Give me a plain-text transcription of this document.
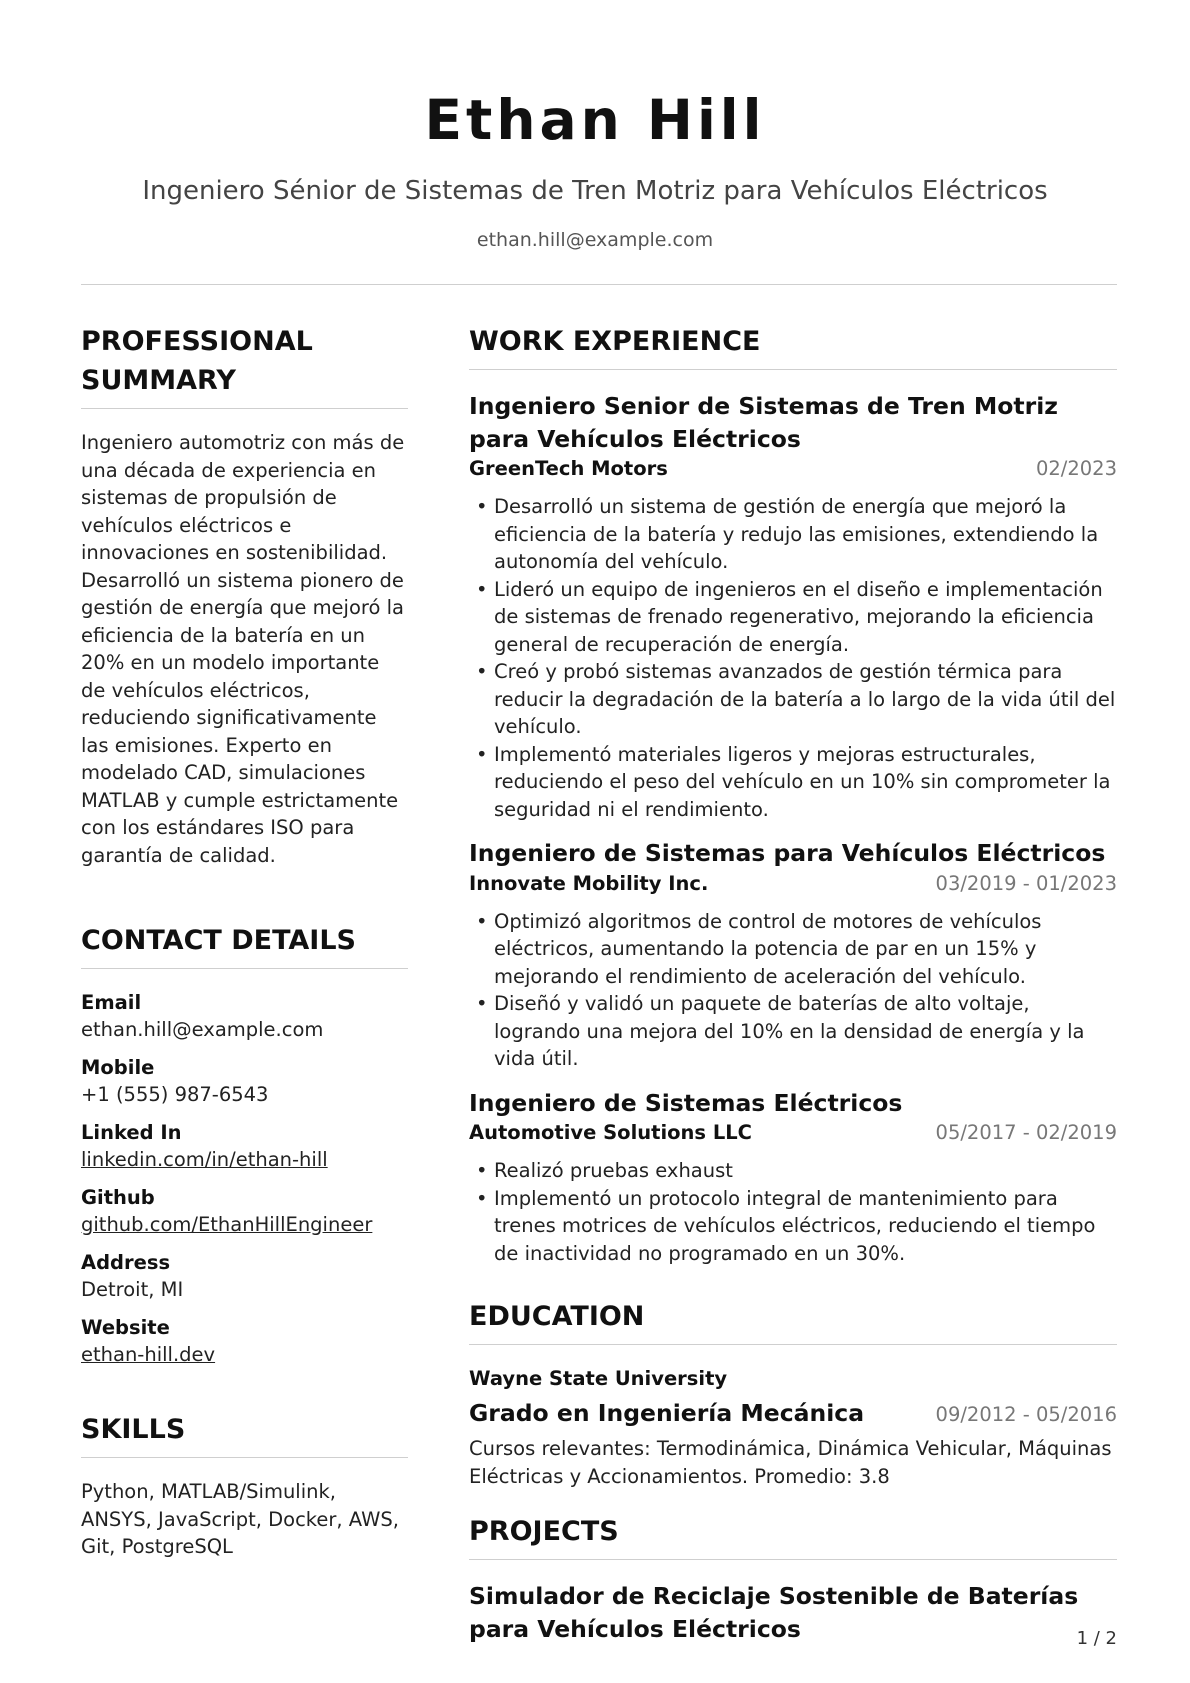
Ethan Hill
Ingeniero Sénior de Sistemas de Tren Motriz para Vehículos Eléctricos
ethan.hill@example.com
PROFESSIONAL SUMMARY
Ingeniero automotriz con más de una década de experiencia en sistemas de propulsión de vehículos eléctricos e innovaciones en sostenibilidad. Desarrolló un sistema pionero de gestión de energía que mejoró la eficiencia de la batería en un 20% en un modelo importante de vehículos eléctricos, reduciendo significativamente las emisiones. Experto en modelado CAD, simulaciones MATLAB y cumple estrictamente con los estándares ISO para garantía de calidad.
CONTACT DETAILS
Email
ethan.hill@example.com
Mobile
+1 (555) 987-6543
Linked In
linkedin.com/in/ethan-hill
Github
github.com/EthanHillEngineer
Address
Detroit, MI
Website
ethan-hill.dev
SKILLS
Python, MATLAB/Simulink, ANSYS, JavaScript, Docker, AWS, Git, PostgreSQL
WORK EXPERIENCE
Ingeniero Senior de Sistemas de Tren Motriz para Vehículos Eléctricos
GreenTech Motors	02/2023
• Desarrolló un sistema de gestión de energía que mejoró la eficiencia de la batería y redujo las emisiones, extendiendo la autonomía del vehículo.
• Lideró un equipo de ingenieros en el diseño e implementación de sistemas de frenado regenerativo, mejorando la eficiencia general de recuperación de energía.
• Creó y probó sistemas avanzados de gestión térmica para reducir la degradación de la batería a lo largo de la vida útil del vehículo.
• Implementó materiales ligeros y mejoras estructurales, reduciendo el peso del vehículo en un 10% sin comprometer la seguridad ni el rendimiento.
Ingeniero de Sistemas para Vehículos Eléctricos
Innovate Mobility Inc.	03/2019 - 01/2023
• Optimizó algoritmos de control de motores de vehículos eléctricos, aumentando la potencia de par en un 15% y mejorando el rendimiento de aceleración del vehículo.
• Diseñó y validó un paquete de baterías de alto voltaje, logrando una mejora del 10% en la densidad de energía y la vida útil.
Ingeniero de Sistemas Eléctricos
Automotive Solutions LLC	05/2017 - 02/2019
• Realizó pruebas exhaust
• Implementó un protocolo integral de mantenimiento para trenes motrices de vehículos eléctricos, reduciendo el tiempo de inactividad no programado en un 30%.
EDUCATION
Wayne State University
Grado en Ingeniería Mecánica	09/2012 - 05/2016
Cursos relevantes: Termodinámica, Dinámica Vehicular, Máquinas Eléctricas y Accionamientos. Promedio: 3.8
PROJECTS
Simulador de Reciclaje Sostenible de Baterías para Vehículos Eléctricos	1 / 2
